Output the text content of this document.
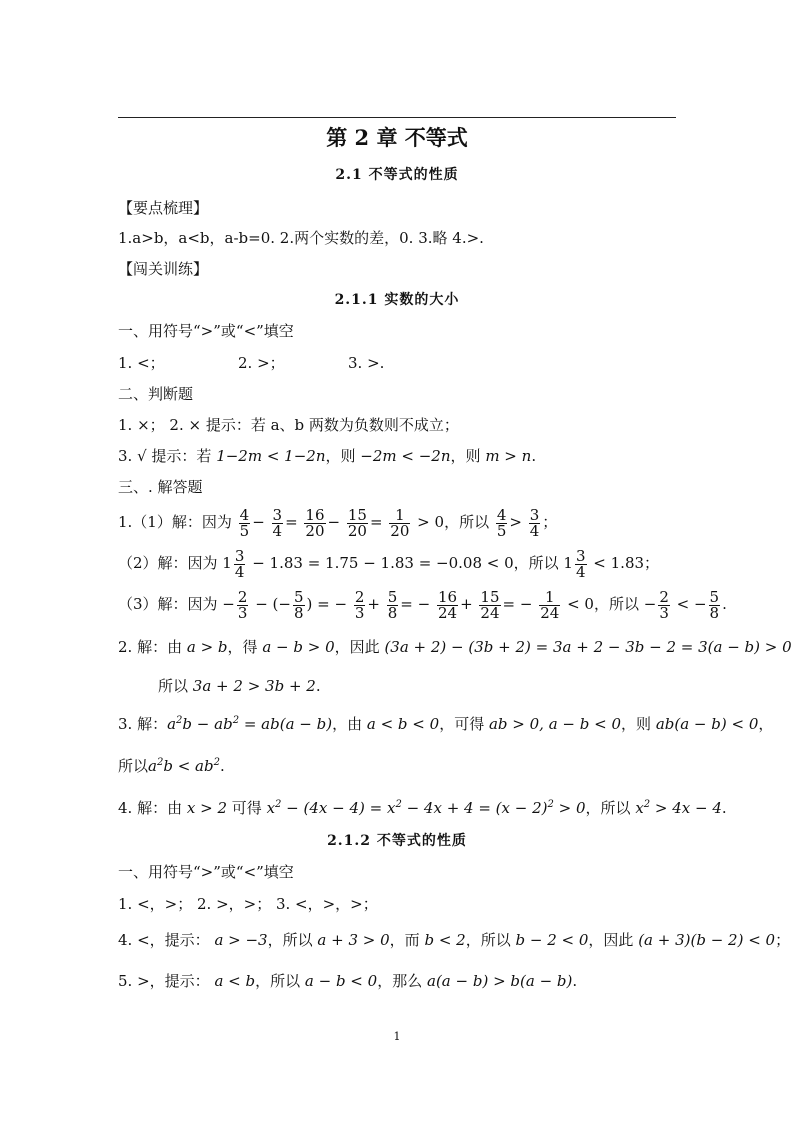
第 2 章 不等式
2.1 不等式的性质
【要点梳理】
1.a>b，a<b，a-b=0. 2.两个实数的差，0. 3.略 4.>.
【闯关训练】
2.1.1 实数的大小
一、用符号“>”或“<”填空
1. <；	2. >；	3. >.
二、判断题
1. ×； 2. × 提示：若 a、b 两数为负数则不成立；
3. √ 提示：若 1−2m < 1−2n，则 −2m < −2n，则 m > n.
三、. 解答题
1.（1）解：因为 $\frac{4}{5} - \frac{3}{4} = \frac{16}{20} - \frac{15}{20} = \frac{1}{20} > 0$，所以 $\frac{4}{5} > \frac{3}{4}$ ；
（2）解：因为 $1 \frac{3}{4} - 1.83 = 1.75 - 1.83 = -0.08 < 0$，所以 $1 \frac{3}{4} < 1.83$；
（3）解：因为 − $\frac{2}{3}$ − (− $\frac{5}{8}$ ) = − $\frac{2}{3} + \frac{5}{8}$ = − $\frac{16}{24} + \frac{15}{24}$ = − $\frac{1}{24} < 0$，所以 − $\frac{2}{3}$ < − $\frac{5}{8}$ .
2. 解：由 a > b，得 a − b > 0，因此 (3a + 2) − (3b + 2) = 3a + 2 − 3b − 2 = 3(a − b) > 0
所以 3a + 2 > 3b + 2.
3. 解：$a^2b - ab^2 = ab(a - b)$，由 a < b < 0，可得 ab > 0, a − b < 0，则 ab(a − b) < 0，
所以$a^2b < ab^2$.
4. 解：由 x > 2 可得 $x^2 - (4x - 4) = x^2 - 4x + 4 = (x - 2)^2 > 0$，所以 $x^2 > 4x - 4$.
2.1.2 不等式的性质
一、用符号“>”或“<”填空
1. <，>； 2. >，>； 3. <，>，>；
4. <，提示： a > −3，所以 a + 3 > 0，而 b < 2，所以 b − 2 < 0，因此 (a + 3)(b − 2) < 0；
5. >，提示： a < b，所以 a − b < 0，那么 a(a − b) > b(a − b).
1
